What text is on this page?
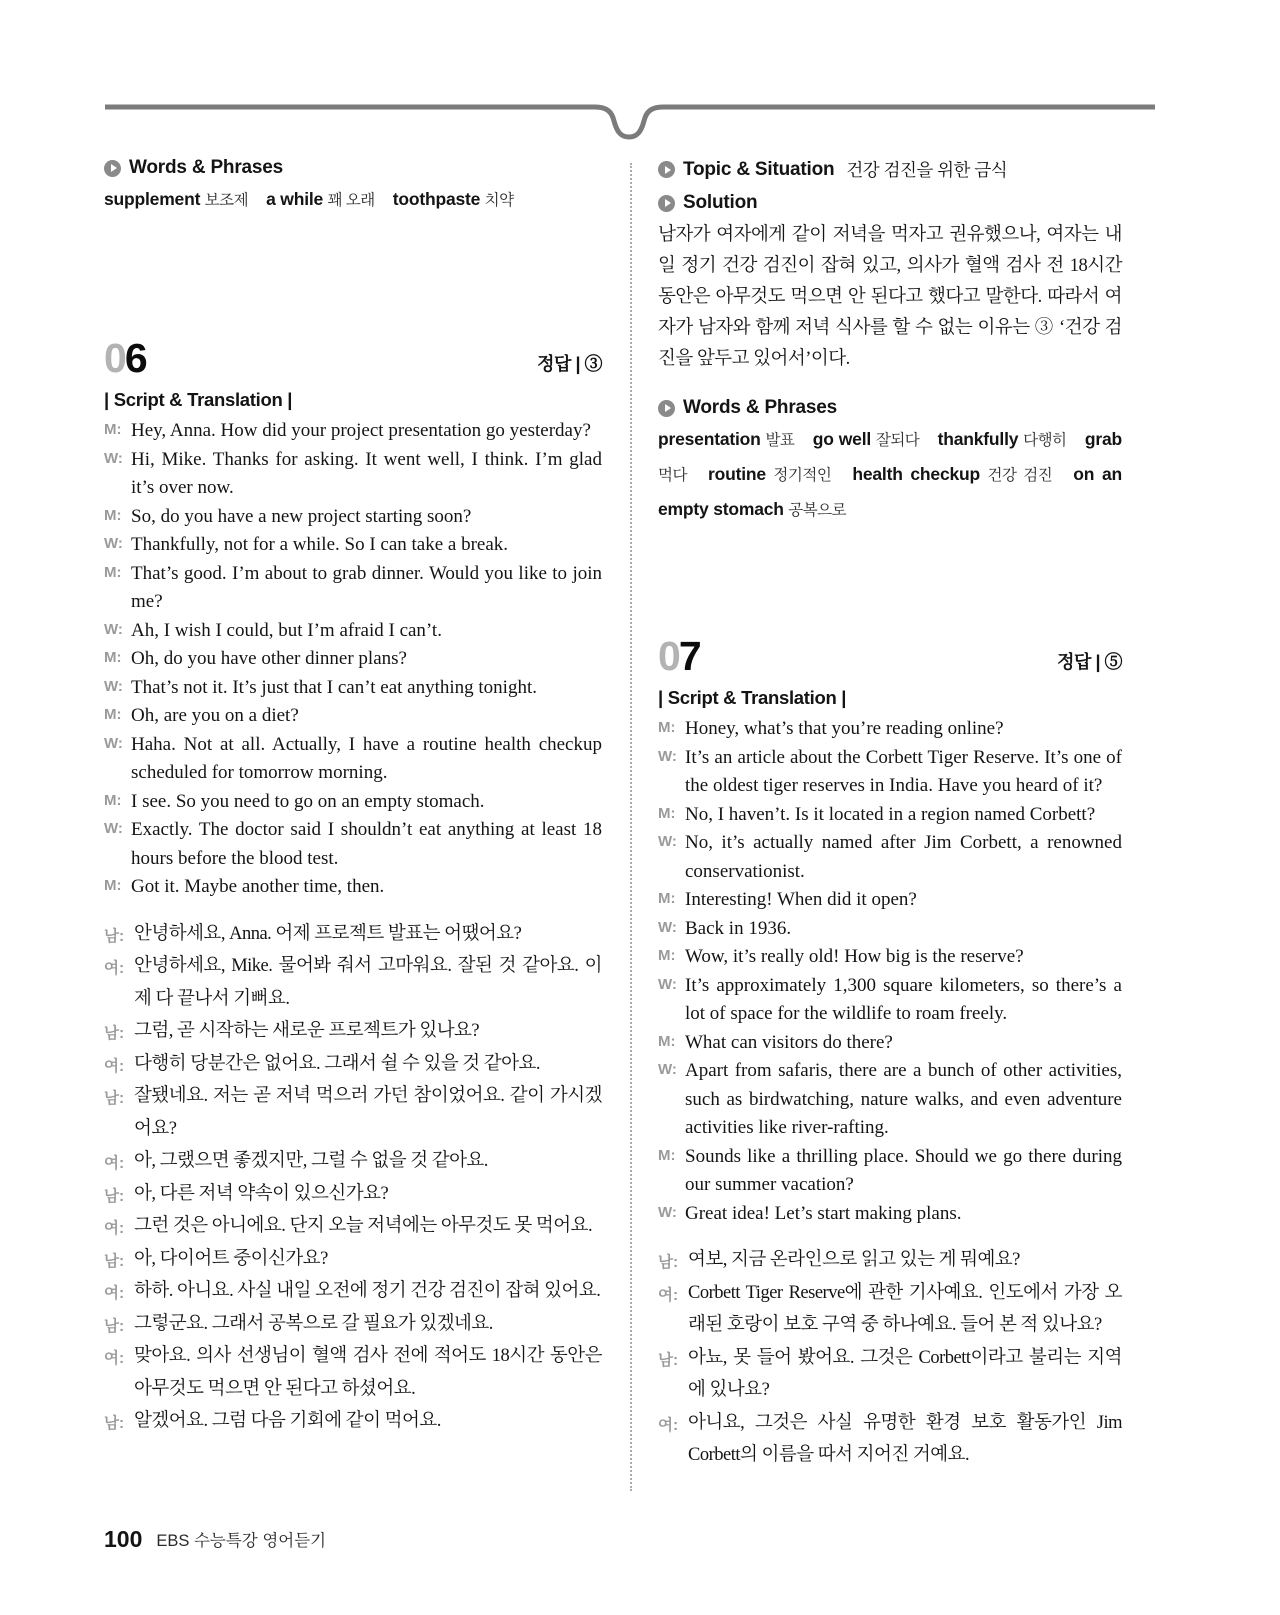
Words & Phrases
supplement 보조제 a while 꽤 오래 toothpaste 치약
06	정답 | ③
| Script & Translation |
M: Hey, Anna. How did your project presentation go yesterday?
W: Hi, Mike. Thanks for asking. It went well, I think. I’m glad it’s over now.
M: So, do you have a new project starting soon?
W: Thankfully, not for a while. So I can take a break.
M: That’s good. I’m about to grab dinner. Would you like to join me?
W: Ah, I wish I could, but I’m afraid I can’t.
M: Oh, do you have other dinner plans?
W: That’s not it. It’s just that I can’t eat anything tonight.
M: Oh, are you on a diet?
W: Haha. Not at all. Actually, I have a routine health checkup scheduled for tomorrow morning.
M: I see. So you need to go on an empty stomach.
W: Exactly. The doctor said I shouldn’t eat anything at least 18 hours before the blood test.
M: Got it. Maybe another time, then.
남: 안녕하세요, Anna. 어제 프로젝트 발표는 어땠어요?
여: 안녕하세요, Mike. 물어봐 줘서 고마워요. 잘된 것 같아요. 이제 다 끝나서 기뻐요.
남: 그럼, 곧 시작하는 새로운 프로젝트가 있나요?
여: 다행히 당분간은 없어요. 그래서 쉴 수 있을 것 같아요.
남: 잘됐네요. 저는 곧 저녁 먹으러 가던 참이었어요. 같이 가시겠어요?
여: 아, 그랬으면 좋겠지만, 그럴 수 없을 것 같아요.
남: 아, 다른 저녁 약속이 있으신가요?
여: 그런 것은 아니에요. 단지 오늘 저녁에는 아무것도 못 먹어요.
남: 아, 다이어트 중이신가요?
여: 하하. 아니요. 사실 내일 오전에 정기 건강 검진이 잡혀 있어요.
남: 그렇군요. 그래서 공복으로 갈 필요가 있겠네요.
여: 맞아요. 의사 선생님이 혈액 검사 전에 적어도 18시간 동안은 아무것도 먹으면 안 된다고 하셨어요.
남: 알겠어요. 그럼 다음 기회에 같이 먹어요.
Topic & Situation 건강 검진을 위한 금식
Solution

남자가 여자에게 같이 저녁을 먹자고 권유했으나, 여자는 내일 정기 건강 검진이 잡혀 있고, 의사가 혈액 검사 전 18시간 동안은 아무것도 먹으면 안 된다고 했다고 말한다. 따라서 여자가 남자와 함께 저녁 식사를 할 수 없는 이유는 ③ ‘건강 검진을 앞두고 있어서’이다.

Words & Phrases
presentation 발표 go well 잘되다 thankfully 다행히 grab 먹다 routine 정기적인 health checkup 건강 검진 on an empty stomach 공복으로
07	정답 | ⑤
| Script & Translation |
M: Honey, what’s that you’re reading online?
W: It’s an article about the Corbett Tiger Reserve. It’s one of the oldest tiger reserves in India. Have you heard of it?
M: No, I haven’t. Is it located in a region named Corbett?
W: No, it’s actually named after Jim Corbett, a renowned conservationist.
M: Interesting! When did it open?
W: Back in 1936.
M: Wow, it’s really old! How big is the reserve?
W: It’s approximately 1,300 square kilometers, so there’s a lot of space for the wildlife to roam freely.
M: What can visitors do there?
W: Apart from safaris, there are a bunch of other activities, such as birdwatching, nature walks, and even adventure activities like river-rafting.
M: Sounds like a thrilling place. Should we go there during our summer vacation?
W: Great idea! Let’s start making plans.
남: 여보, 지금 온라인으로 읽고 있는 게 뭐예요?
여: Corbett Tiger Reserve에 관한 기사예요. 인도에서 가장 오래된 호랑이 보호 구역 중 하나예요. 들어 본 적 있나요?
남: 아뇨, 못 들어 봤어요. 그것은 Corbett이라고 불리는 지역에 있나요?
여: 아니요, 그것은 사실 유명한 환경 보호 활동가인 Jim Corbett의 이름을 따서 지어진 거예요.
100 EBS 수능특강 영어듣기
